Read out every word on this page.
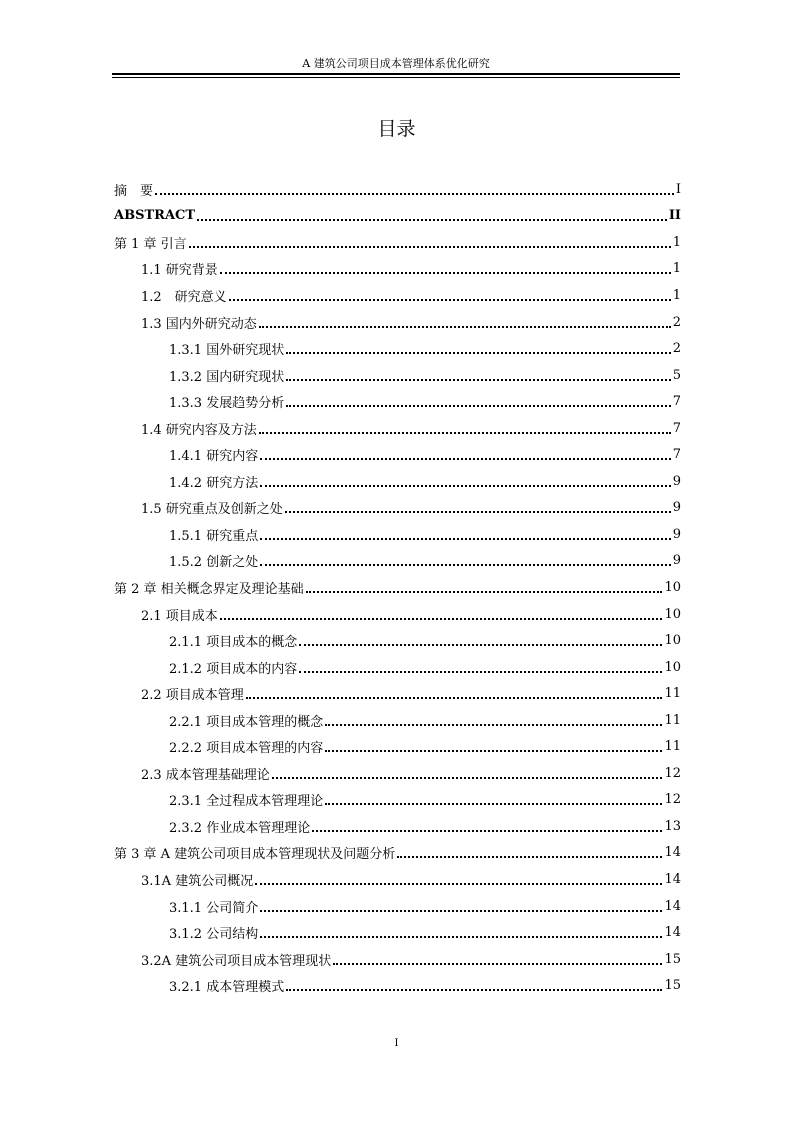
A 建筑公司项目成本管理体系优化研究
目录
摘　要	I
ABSTRACT	II
第 1 章 引言	1
1.1 研究背景	1
1.2　研究意义	1
1.3 国内外研究动态	2
1.3.1 国外研究现状	2
1.3.2 国内研究现状	5
1.3.3 发展趋势分析	7
1.4 研究内容及方法	7
1.4.1 研究内容	7
1.4.2 研究方法	9
1.5 研究重点及创新之处	9
1.5.1 研究重点	9
1.5.2 创新之处	9
第 2 章 相关概念界定及理论基础	10
2.1 项目成本	10
2.1.1 项目成本的概念	10
2.1.2 项目成本的内容	10
2.2 项目成本管理	11
2.2.1 项目成本管理的概念	11
2.2.2 项目成本管理的内容	11
2.3 成本管理基础理论	12
2.3.1 全过程成本管理理论	12
2.3.2 作业成本管理理论	13
第 3 章 A 建筑公司项目成本管理现状及问题分析	14
3.1A 建筑公司概况	14
3.1.1 公司简介	14
3.1.2 公司结构	14
3.2A 建筑公司项目成本管理现状	15
3.2.1 成本管理模式	15
I
